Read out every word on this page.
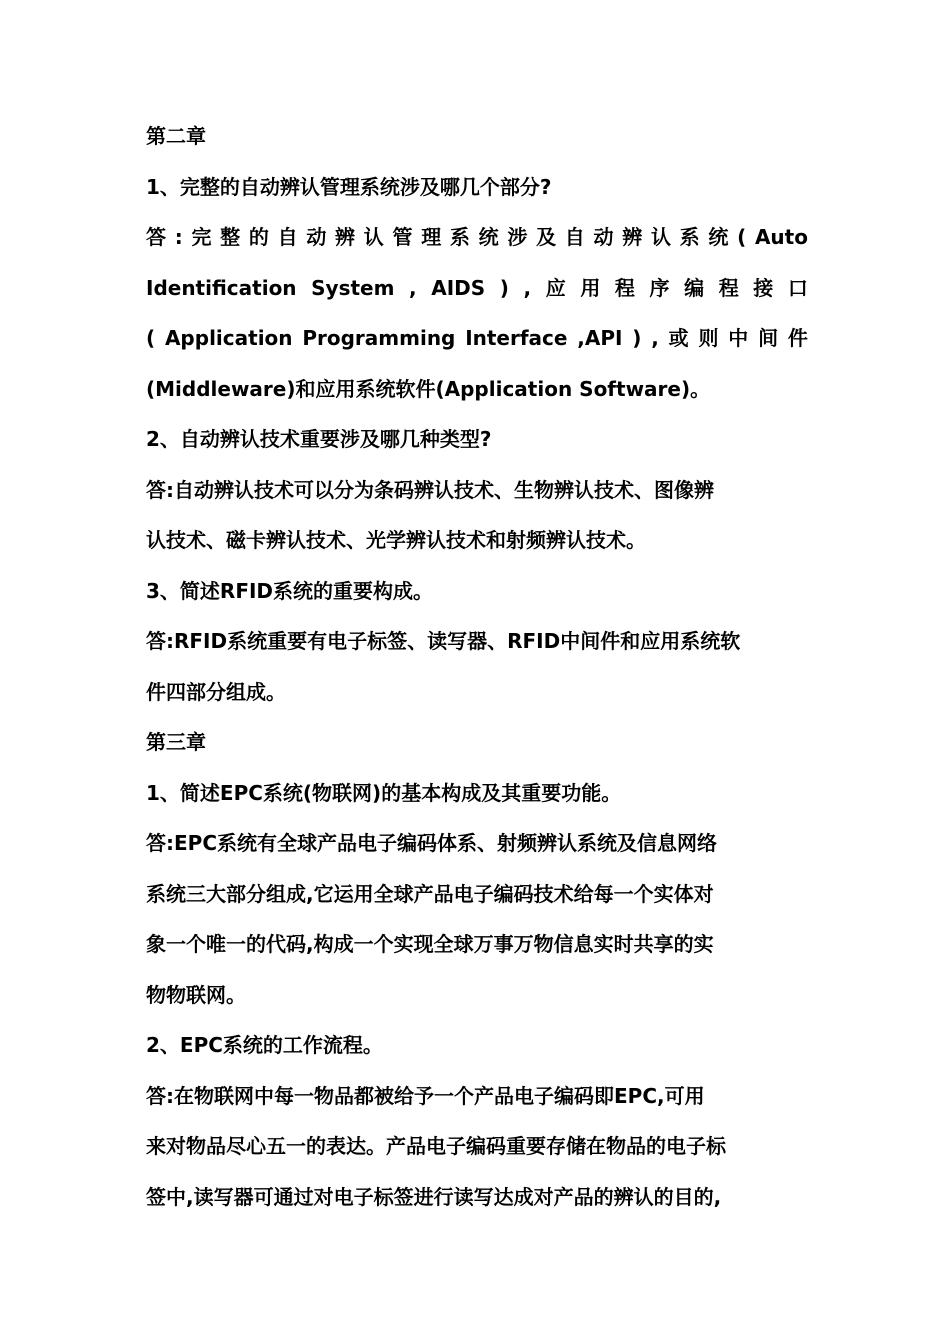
第二章
1、完整的自动辨认管理系统涉及哪几个部分?
答 : 完 整 的 自 动 辨 认 管 理 系 统 涉 及 自 动 辨 认 系 统 ( Auto
Identification System , AIDS ) , 应 用 程 序 编 程 接 口
( Application Programming Interface ,API ) , 或 则 中 间 件
(Middleware)和应用系统软件(Application Software)。
2、自动辨认技术重要涉及哪几种类型?
答:自动辨认技术可以分为条码辨认技术、生物辨认技术、图像辨
认技术、磁卡辨认技术、光学辨认技术和射频辨认技术。
3、简述RFID系统的重要构成。
答:RFID系统重要有电子标签、读写器、RFID中间件和应用系统软
件四部分组成。
第三章
1、简述EPC系统(物联网)的基本构成及其重要功能。
答:EPC系统有全球产品电子编码体系、射频辨认系统及信息网络
系统三大部分组成,它运用全球产品电子编码技术给每一个实体对
象一个唯一的代码,构成一个实现全球万事万物信息实时共享的实
物物联网。
2、EPC系统的工作流程。
答:在物联网中每一物品都被给予一个产品电子编码即EPC,可用
来对物品尽心五一的表达。产品电子编码重要存储在物品的电子标
签中,读写器可通过对电子标签进行读写达成对产品的辨认的目的,
